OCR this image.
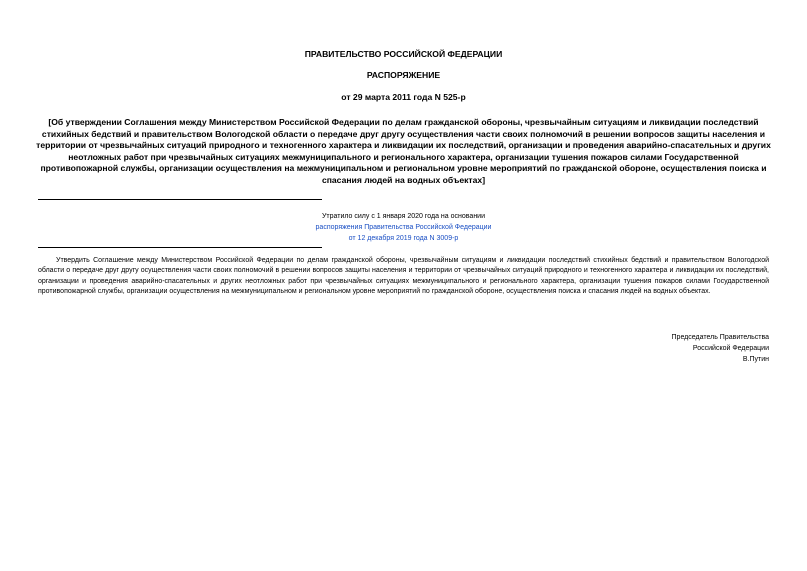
ПРАВИТЕЛЬСТВО РОССИЙСКОЙ ФЕДЕРАЦИИ
РАСПОРЯЖЕНИЕ
от 29 марта 2011 года N 525-р
[Об утверждении Соглашения между Министерством Российской Федерации по делам гражданской обороны, чрезвычайным ситуациям и ликвидации последствий стихийных бедствий и правительством Вологодской области о передаче друг другу осуществления части своих полномочий в решении вопросов защиты населения и территории от чрезвычайных ситуаций природного и техногенного характера и ликвидации их последствий, организации и проведения аварийно-спасательных и других неотложных работ при чрезвычайных ситуациях межмуниципального и регионального характера, организации тушения пожаров силами Государственной противопожарной службы, организации осуществления на межмуниципальном и региональном уровне мероприятий по гражданской обороне, осуществления поиска и спасания людей на водных объектах]
Утратило силу с 1 января 2020 года на основании
распоряжения Правительства Российской Федерации
от 12 декабря 2019 года N 3009-р
Утвердить Соглашение между Министерством Российской Федерации по делам гражданской обороны, чрезвычайным ситуациям и ликвидации последствий стихийных бедствий и правительством Вологодской области о передаче друг другу осуществления части своих полномочий в решении вопросов защиты населения и территории от чрезвычайных ситуаций природного и техногенного характера и ликвидации их последствий, организации и проведения аварийно-спасательных и других неотложных работ при чрезвычайных ситуациях межмуниципального и регионального характера, организации тушения пожаров силами Государственной противопожарной службы, организации осуществления на межмуниципальном и региональном уровне мероприятий по гражданской обороне, осуществления поиска и спасания людей на водных объектах.
Председатель Правительства
Российской Федерации
В.Путин
